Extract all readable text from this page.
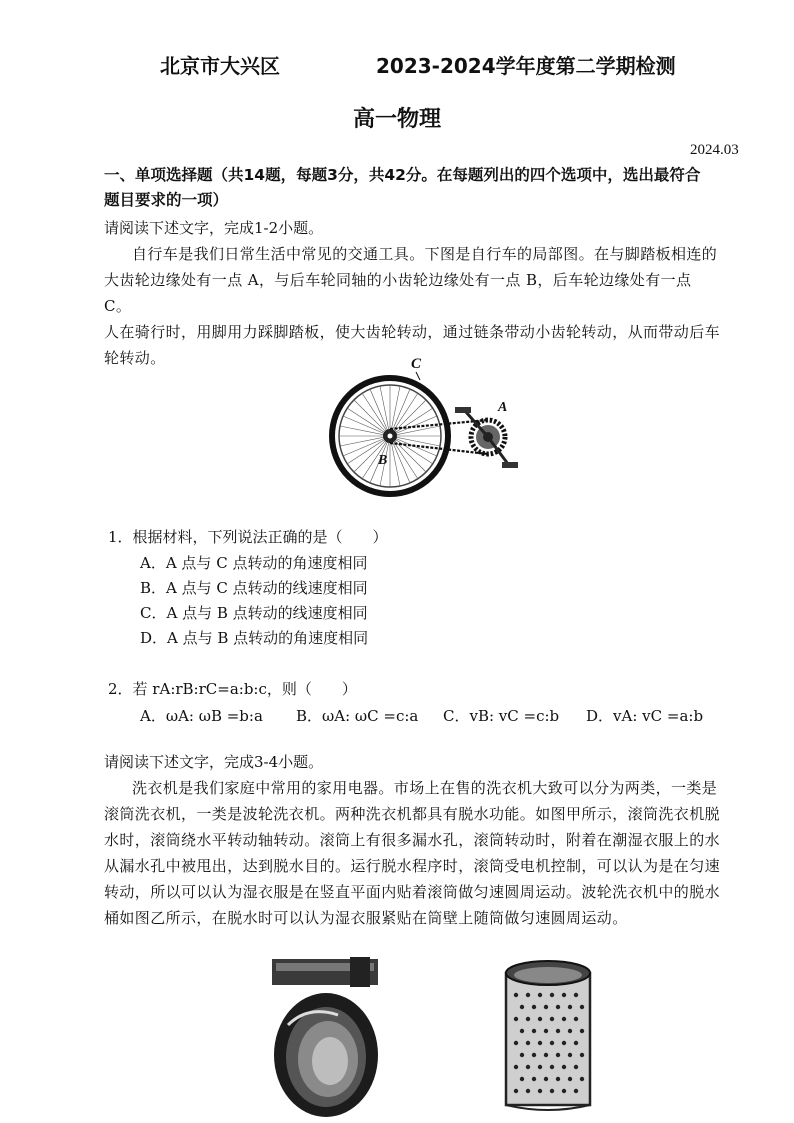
北京市大兴区	2023-2024学年度第二学期检测
高一物理
2024.03
一、单项选择题（共14题，每题3分，共42分。在每题列出的四个选项中，选出最符合题目要求的一项）
请阅读下述文字，完成1-2小题。
自行车是我们日常生活中常见的交通工具。下图是自行车的局部图。在与脚踏板相连的
大齿轮边缘处有一点 A，与后车轮同轴的小齿轮边缘处有一点 B，后车轮边缘处有一点 C。
人在骑行时，用脚用力踩脚踏板，使大齿轮转动，通过链条带动小齿轮转动，从而带动后车
轮转动。	C
A
B
1．根据材料，下列说法正确的是（　　）
A．A 点与 C 点转动的角速度相同
B．A 点与 C 点转动的线速度相同
C．A 点与 B 点转动的线速度相同
D．A 点与 B 点转动的角速度相同
2．若 rA:rB:rC=a:b:c，则（　　）
A．ωA: ωB =b:a B．ωA: ωC =c:a C．vB: vC =c:b D．vA: vC =a:b
请阅读下述文字，完成3-4小题。
洗衣机是我们家庭中常用的家用电器。市场上在售的洗衣机大致可以分为两类，一类是
滚筒洗衣机，一类是波轮洗衣机。两种洗衣机都具有脱水功能。如图甲所示，滚筒洗衣机脱
水时，滚筒绕水平转动轴转动。滚筒上有很多漏水孔，滚筒转动时，附着在潮湿衣服上的水
从漏水孔中被甩出，达到脱水目的。运行脱水程序时，滚筒受电机控制，可以认为是在匀速
转动，所以可以认为湿衣服是在竖直平面内贴着滚筒做匀速圆周运动。波轮洗衣机中的脱水
桶如图乙所示，在脱水时可以认为湿衣服紧贴在筒壁上随筒做匀速圆周运动。
